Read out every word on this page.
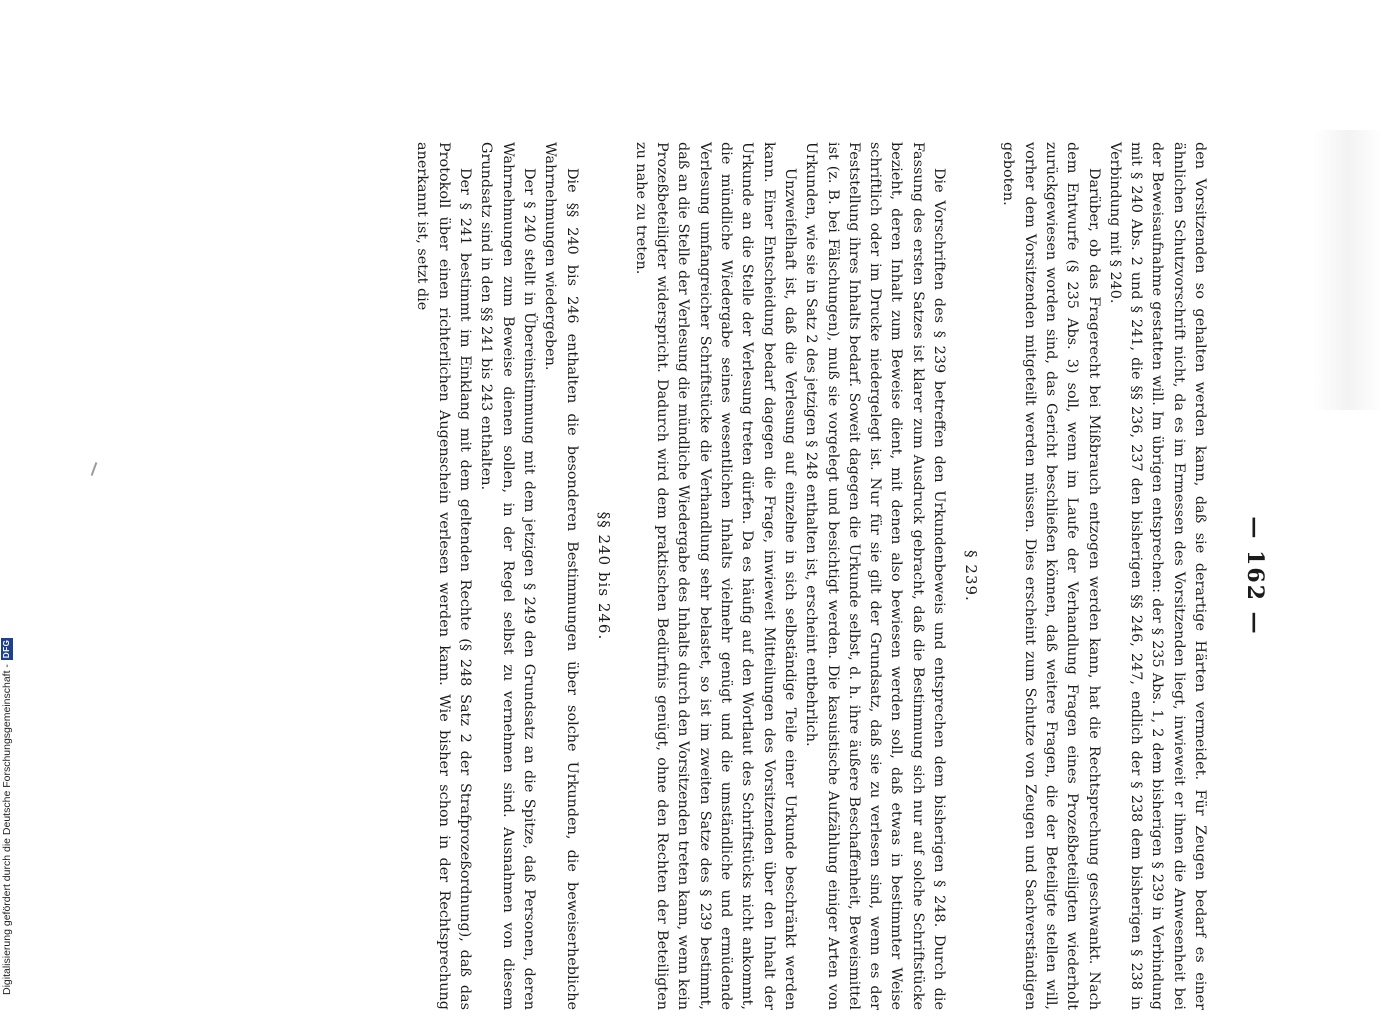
— 162 —

den Vorsitzenden so gehalten werden kann, daß sie derartige Härten vermeidet. Für Zeugen bedarf es einer ähnlichen Schutzvorschrift nicht, da es im Ermessen des Vorsitzenden liegt, inwieweit er ihnen die Anwesenheit bei der Beweisaufnahme gestatten will. Im übrigen entsprechen: der § 235 Abs. 1, 2 dem bisherigen § 239 in Verbindung mit § 240 Abs. 2 und § 241, die §§ 236, 237 den bisherigen §§ 246, 247, endlich der § 238 dem bisherigen § 238 in Verbindung mit § 240.

Darüber, ob das Fragerecht bei Mißbrauch entzogen werden kann, hat die Rechtsprechung geschwankt. Nach dem Entwurfe (§ 235 Abs. 3) soll, wenn im Laufe der Verhandlung Fragen eines Prozeßbeteiligten wiederholt zurückgewiesen worden sind, das Gericht beschließen können, daß weitere Fragen, die der Beteiligte stellen will, vorher dem Vorsitzenden mitgeteilt werden müssen. Dies erscheint zum Schutze von Zeugen und Sachverständigen geboten.

§ 239.

Die Vorschriften des § 239 betreffen den Urkundenbeweis und entsprechen dem bisherigen § 248. Durch die Fassung des ersten Satzes ist klarer zum Ausdruck gebracht, daß die Bestimmung sich nur auf solche Schriftstücke bezieht, deren Inhalt zum Beweise dient, mit denen also bewiesen werden soll, daß etwas in bestimmter Weise schriftlich oder im Drucke niedergelegt ist. Nur für sie gilt der Grundsatz, daß sie zu verlesen sind, wenn es der Feststellung ihres Inhalts bedarf. Soweit dagegen die Urkunde selbst, d. h. ihre äußere Beschaffenheit, Beweismittel ist (z. B. bei Fälschungen), muß sie vorgelegt und besichtigt werden. Die kasuistische Aufzählung einiger Arten von Urkunden, wie sie in Satz 2 des jetzigen § 248 enthalten ist, erscheint entbehrlich.

Unzweifelhaft ist, daß die Verlesung auf einzelne in sich selbständige Teile einer Urkunde beschränkt werden kann. Einer Entscheidung bedarf dagegen die Frage, inwieweit Mitteilungen des Vorsitzenden über den Inhalt der Urkunde an die Stelle der Verlesung treten dürfen. Da es häufig auf den Wortlaut des Schriftstücks nicht ankommt, die mündliche Wiedergabe seines wesentlichen Inhalts vielmehr genügt und die umständliche und ermüdende Verlesung umfangreicher Schriftstücke die Verhandlung sehr belastet, so ist im zweiten Satze des § 239 bestimmt, daß an die Stelle der Verlesung die mündliche Wiedergabe des Inhalts durch den Vorsitzenden treten kann, wenn kein Prozeßbeteiligter widerspricht. Dadurch wird dem praktischen Bedürfnis genügt, ohne den Rechten der Beteiligten zu nahe zu treten.

§§ 240 bis 246.

Die §§ 240 bis 246 enthalten die besonderen Bestimmungen über solche Urkunden, die beweiserhebliche Wahrnehmungen wiedergeben.

Der § 240 stellt in Übereinstimmung mit dem jetzigen § 249 den Grundsatz an die Spitze, daß Personen, deren Wahrnehmungen zum Beweise dienen sollen, in der Regel selbst zu vernehmen sind. Ausnahmen von diesem Grundsatz sind in den §§ 241 bis 243 enthalten.

Der § 241 bestimmt im Einklang mit dem geltenden Rechte (§ 248 Satz 2 der Strafprozeßordnung), daß das Protokoll über einen richterlichen Augenschein verlesen werden kann. Wie bisher schon in der Rechtsprechung anerkannt ist, setzt die

Digitalisierung gefördert durch die Deutsche Forschungsgemeinschaft -
DFG
